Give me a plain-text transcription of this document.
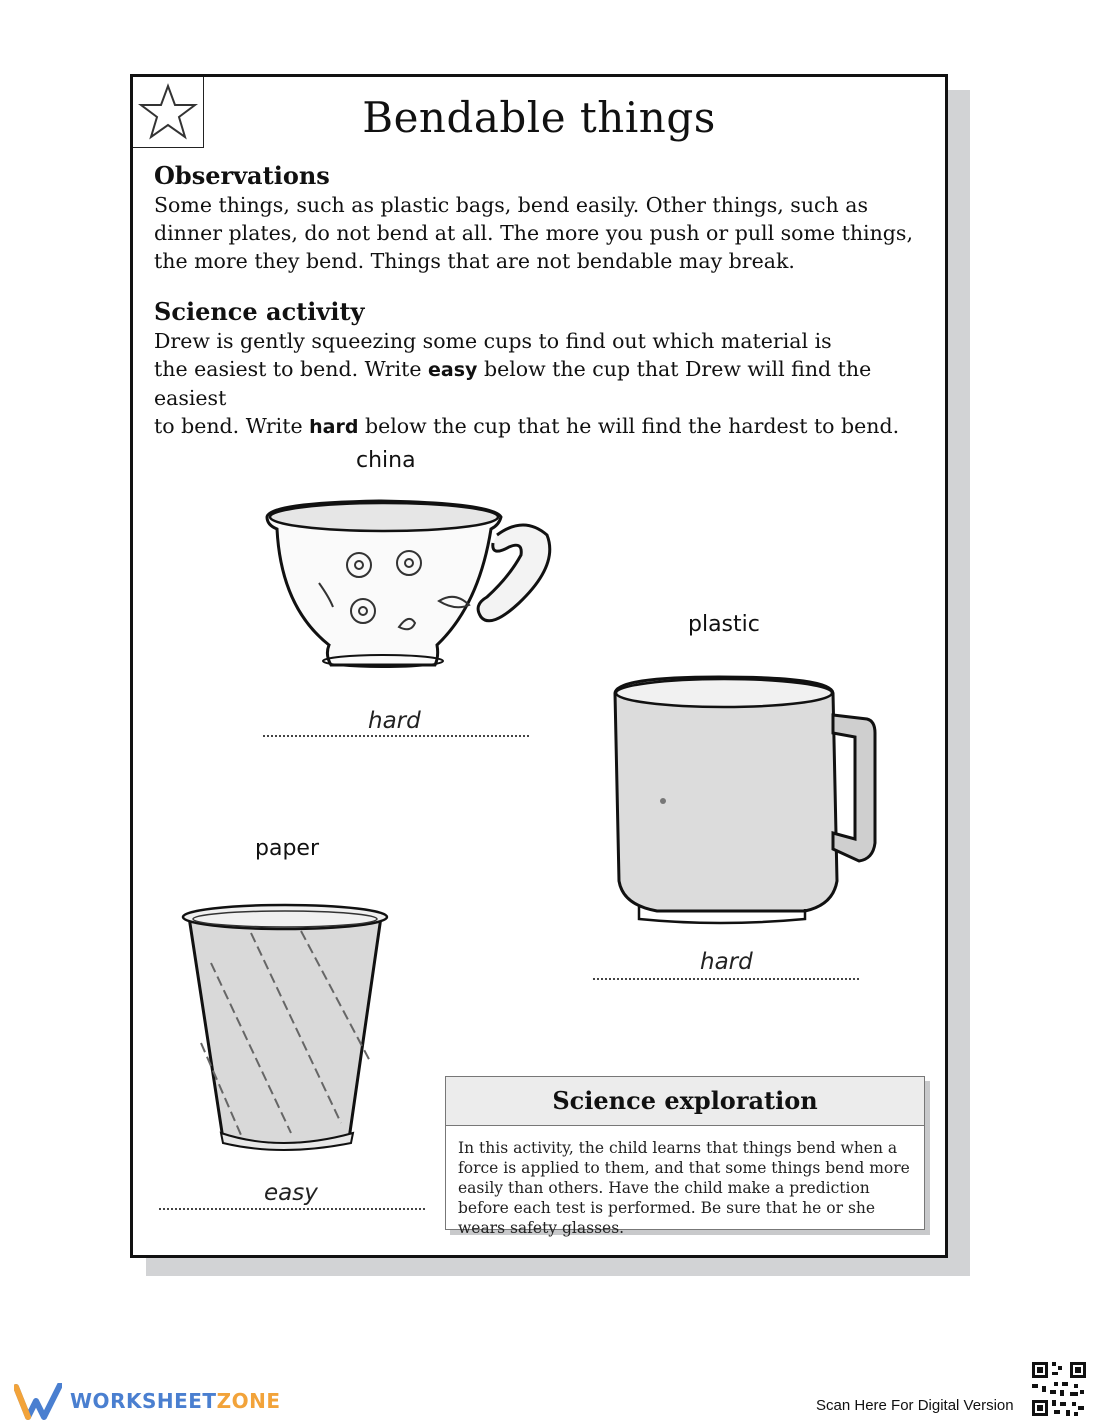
Bendable things
Observations
Some things, such as plastic bags, bend easily. Other things, such as dinner plates, do not bend at all. The more you push or pull some things, the more they bend. Things that are not bendable may break.
Science activity
Drew is gently squeezing some cups to find out which material is
the easiest to bend. Write easy below the cup that Drew will find the easiest
to bend. Write hard below the cup that he will find the hardest to bend.
china
hard
plastic
hard
paper
easy
Science exploration
In this activity, the child learns that things bend when a force is applied to them, and that some things bend more easily than others. Have the child make a prediction before each test is performed. Be sure that he or she wears safety glasses.
WORKSHEETZONE	Scan Here For Digital Version
